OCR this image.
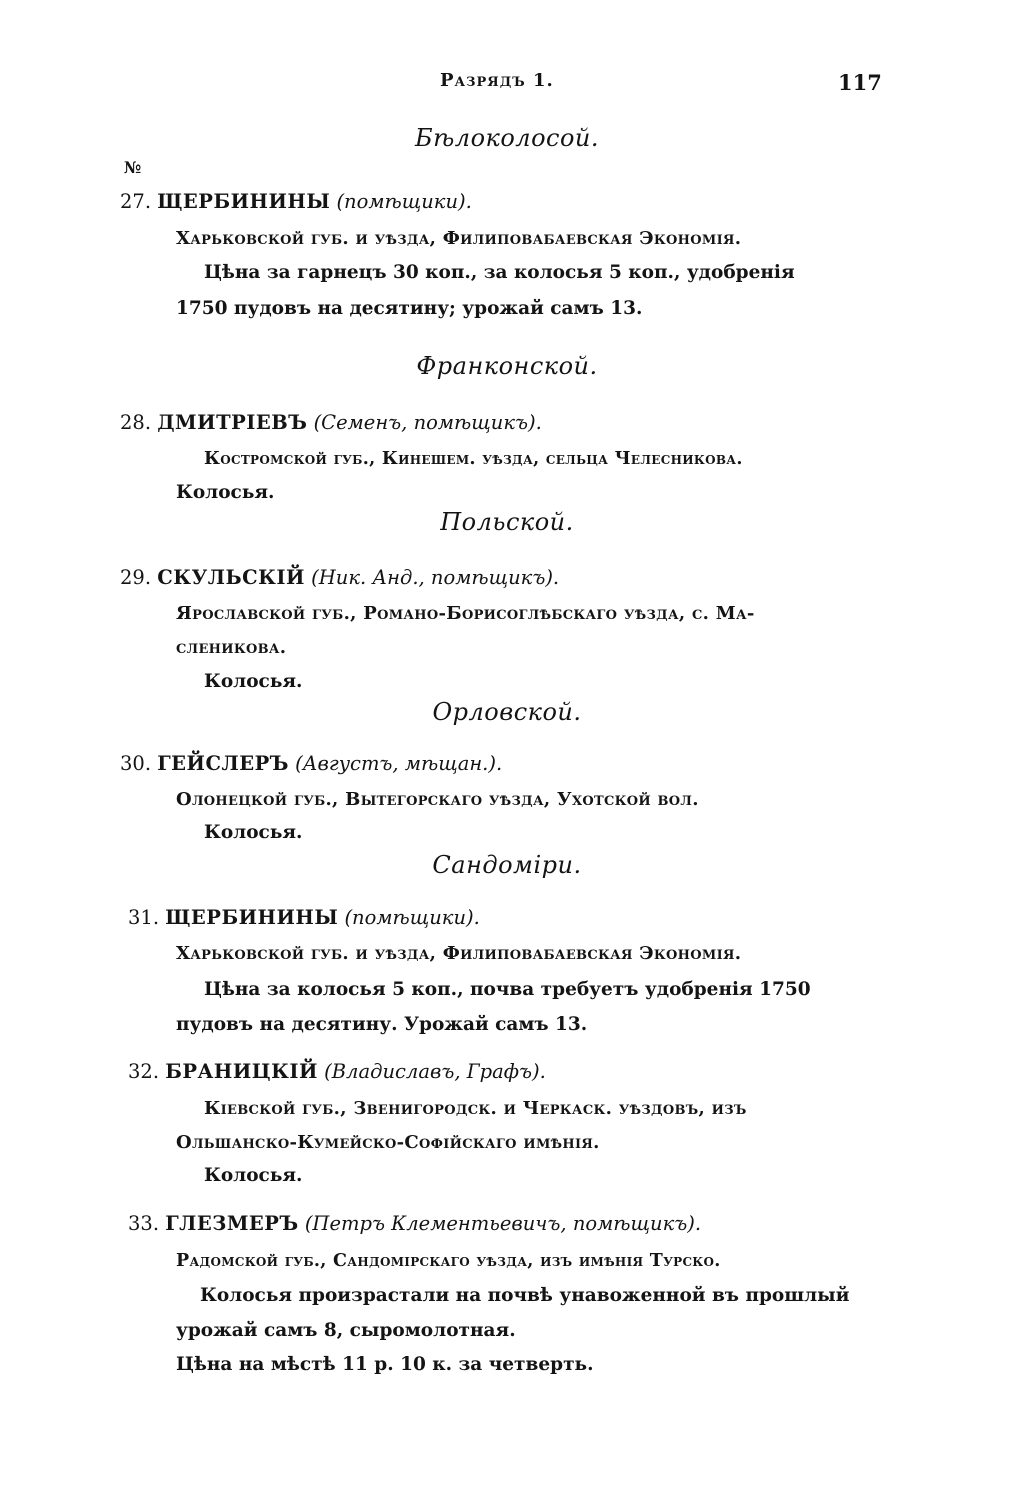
Разрядъ 1.	117
№
Бѣлоколосой.
27. ЩЕРБИНИНЫ (помѣщики).
Харьковской губ. и уѣзда, Филиповабаевская Экономія.
Цѣна за гарнецъ 30 коп., за колосья 5 коп., удобренія
1750 пудовъ на десятину; урожай самъ 13.
Франконской.
28. ДМИТРІЕВЪ (Семенъ, помѣщикъ).
Костромской губ., Кинешем. уѣзда, сельца Челесникова.
Колосья.
Польской.
29. СКУЛЬСКІЙ (Ник. Анд., помѣщикъ).
Ярославской губ., Романо-Борисоглѣбскаго уѣзда, с. Ма-
сленикова.
Колосья.
Орловской.
30. ГЕЙСЛЕРЪ (Августъ, мѣщан.).
Олонецкой губ., Вытегорскаго уѣзда, Ухотской вол.
Колосья.
Сандомiри.
31. ЩЕРБИНИНЫ (помѣщики).
Харьковской губ. и уѣзда, Филиповабаевская Экономія.
Цѣна за колосья 5 коп., почва требуетъ удобренія 1750
пудовъ на десятину. Урожай самъ 13.
32. БРАНИЦКІЙ (Владиславъ, Графъ).
Кіевской губ., Звенигородск. и Черкаск. уѣздовъ, изъ
Ольшанско-Кумейско-Софійскаго имѣнія.
Колосья.
33. ГЛЕЗМЕРЪ (Петръ Клементьевичъ, помѣщикъ).
Радомской губ., Сандомірскаго уѣзда, изъ имѣнія Турско.
Колосья произрастали на почвѣ унавоженной въ прошлый
урожай самъ 8, сыромолотная.
Цѣна на мѣстѣ 11 р. 10 к. за четверть.
